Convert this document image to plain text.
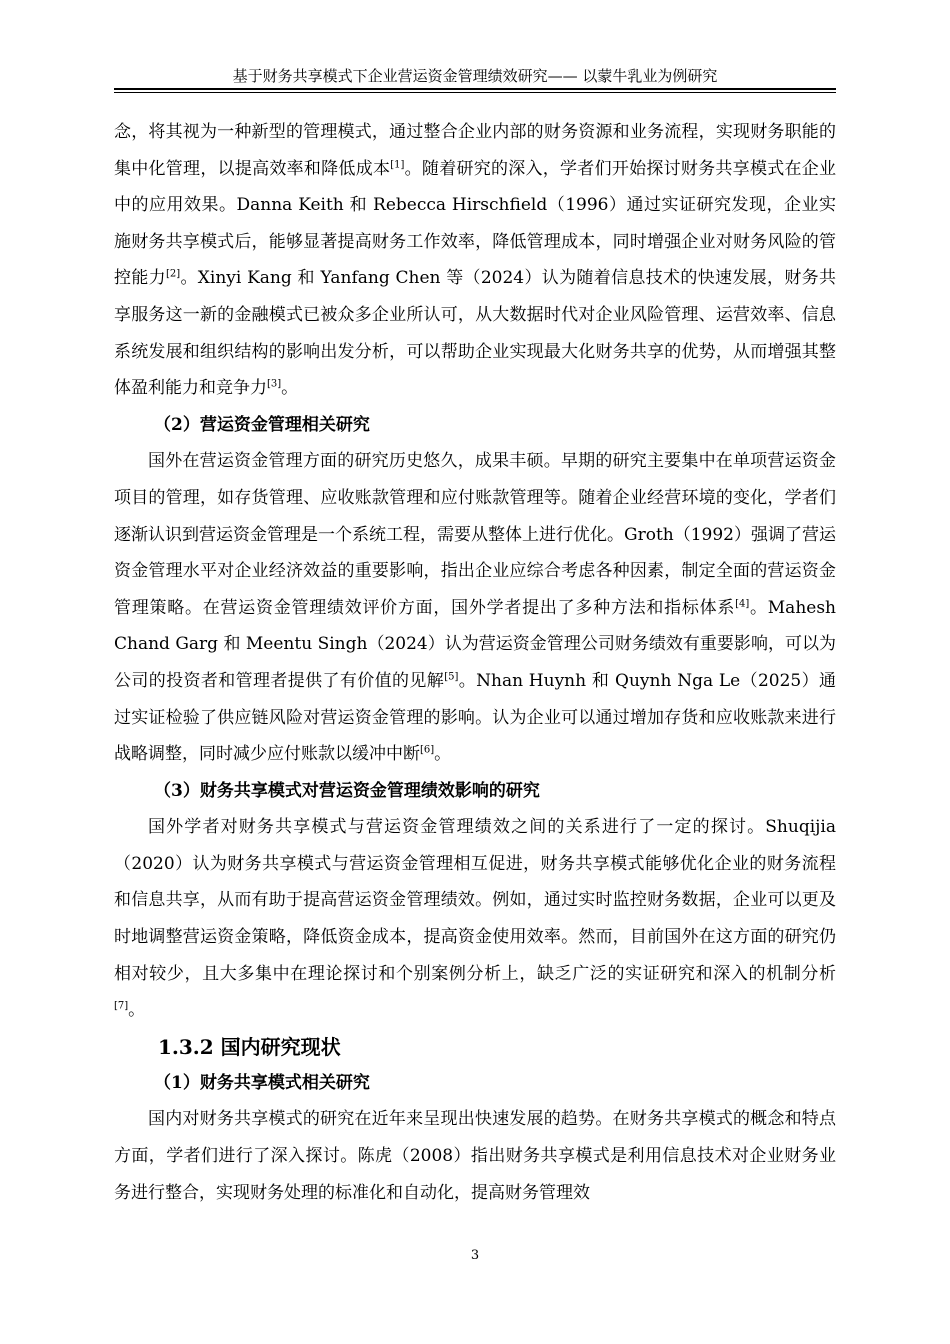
基于财务共享模式下企业营运资金管理绩效研究—— 以蒙牛乳业为例研究

念，将其视为一种新型的管理模式，通过整合企业内部的财务资源和业务流程，实现财务职能的集中化管理，以提高效率和降低成本[1]。随着研究的深入，学者们开始探讨财务共享模式在企业中的应用效果。Danna Keith 和 Rebecca Hirschfield（1996）通过实证研究发现，企业实施财务共享模式后，能够显著提高财务工作效率，降低管理成本，同时增强企业对财务风险的管控能力[2]。Xinyi Kang 和 Yanfang Chen 等（2024）认为随着信息技术的快速发展，财务共享服务这一新的金融模式已被众多企业所认可，从大数据时代对企业风险管理、运营效率、信息系统发展和组织结构的影响出发分析，可以帮助企业实现最大化财务共享的优势，从而增强其整体盈利能力和竞争力[3]。

（2）营运资金管理相关研究

国外在营运资金管理方面的研究历史悠久，成果丰硕。早期的研究主要集中在单项营运资金项目的管理，如存货管理、应收账款管理和应付账款管理等。随着企业经营环境的变化，学者们逐渐认识到营运资金管理是一个系统工程，需要从整体上进行优化。Groth（1992）强调了营运资金管理水平对企业经济效益的重要影响，指出企业应综合考虑各种因素，制定全面的营运资金管理策略。在营运资金管理绩效评价方面，国外学者提出了多种方法和指标体系[4]。Mahesh Chand Garg 和 Meentu Singh（2024）认为营运资金管理公司财务绩效有重要影响，可以为公司的投资者和管理者提供了有价值的见解[5]。Nhan Huynh 和 Quynh Nga Le（2025）通过实证检验了供应链风险对营运资金管理的影响。认为企业可以通过增加存货和应收账款来进行战略调整，同时减少应付账款以缓冲中断[6]。

（3）财务共享模式对营运资金管理绩效影响的研究

国外学者对财务共享模式与营运资金管理绩效之间的关系进行了一定的探讨。Shuqijia（2020）认为财务共享模式与营运资金管理相互促进，财务共享模式能够优化企业的财务流程和信息共享，从而有助于提高营运资金管理绩效。例如，通过实时监控财务数据，企业可以更及时地调整营运资金策略，降低资金成本，提高资金使用效率。然而，目前国外在这方面的研究仍相对较少，且大多集中在理论探讨和个别案例分析上，缺乏广泛的实证研究和深入的机制分析[7]。

1.3.2 国内研究现状

（1）财务共享模式相关研究

国内对财务共享模式的研究在近年来呈现出快速发展的趋势。在财务共享模式的概念和特点方面，学者们进行了深入探讨。陈虎（2008）指出财务共享模式是利用信息技术对企业财务业务进行整合，实现财务处理的标准化和自动化，提高财务管理效

3
